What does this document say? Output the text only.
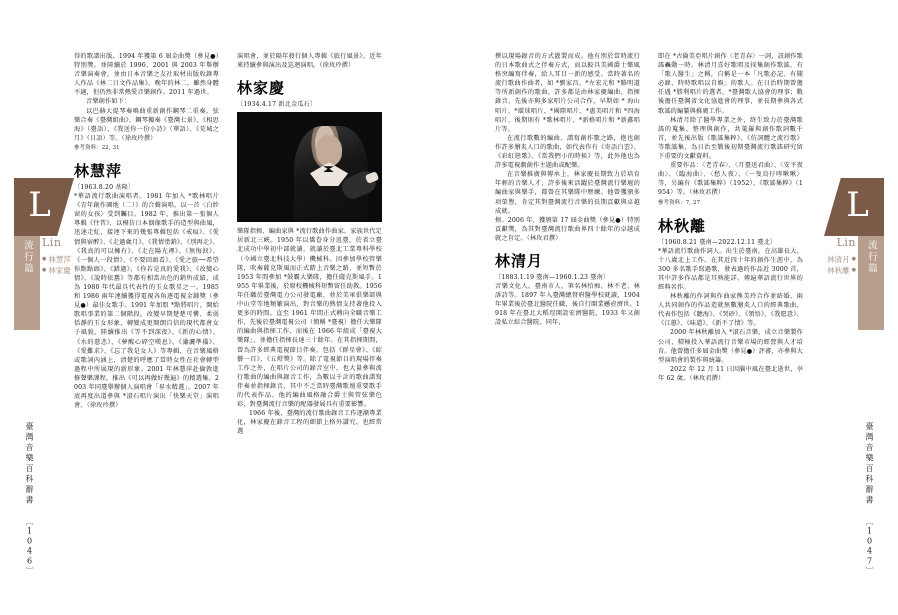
得的歌譜出版。1994 年獲第 6 屆金曲獎（參見●）特別獎。並陸續於 1996、2001 與 2003 年舉辦音樂演奏會，並由日本音樂之友社取材出版收錄專人作品《林二日文作品集》。晚年的林二，雖然身體不適，但仍然非常熱愛音樂創作。2011 年過世。

音樂創作如下：

以巴赫大提琴奏鳴曲重新創作鋼琴二重奏，弦樂合奏《臺灣組曲》、鋼琴獨奏《臺灣七景》、《相思海》（臺語）、《我送你一份小詩》（華語）、《荒城之月》（日語）等。（徐玫玲撰）

參考資料：22, 31

林慧萍

〔1963.8.20 基隆〕

*華語流行歌曲演唱者。1981 年加入 *歌林唱片《青年創作園地（二）》的合輯演唱，以一首〈白紗窗的女孩〉受到矚目。1982 年，推出第一張個人專輯《往昔》，以模仿日本偶像歌手的造型與曲風，迅速走紅，接連下來的幾張專輯包括《戒痕》、《愛情與宿醉》、《走過歲月》、《我情塗銷》、《別再走》、《我真的可以擁有》、《走在陽光裡》、《無悔淚》、《一個人一段情》、《不要回頭看》、《愛之旅──希望你點點頭》、《錯過》、《你若是真的愛我》、《改變心情》、《說時依舊》等都有相當出色的銷售成績，成為 1980 年代最具代表性的玉女歌星之一。1985 和 1986 兩年連續獲得電視各角逐電視金鐘獎（參見●）最佳女歌手。1991 年加盟 *點將唱片，開始歌唱事業的第二個階段，改變早期楚楚可憐、柔弱恬靜的玉女形象，轉變成更開朗自信的現代都會女子風貌，陸續推出《等不到深夜》、《新的心情》、《水的慈悲》、《夢醒心碎空嘆息》、《瀟灑準備》、《愛難求》、《忘了我是女人》等專輯，在音樂風格或歌詞內涵上，清楚的呼應了當時女性在社會轉型過程中所展現的新形象。2001 年林慧萍赴倫敦進修聲樂課程，推出《可以再做好幾遍》的精選集。2003 年同臺舉辦個人演唱會「昇水精選」。2007 年底再度出道參與 *滾石唱片演出「快樂天堂」演唱會。（徐玫玲撰）

演唱會，並於隔年發行個人專輯《旅行風景》。近年來持續參與演出及巡迴演唱。（徐玫玲撰）

林家慶

〔1934.4.17 新北金瓜石〕

樂隊指揮、編曲家與 *流行歌曲作曲家。家族世代定居新北三峽。1950 年以僑眷身分返臺，於省立臺北成功中學初中部就讀，就讀於臺北工業專科學校（今國立臺北科技大學）機械科。因參加學校管樂隊，吹奏薩克斯風而正式踏上音樂之路，並短暫於 1953 年間參加 *鼓霸大樂隊，擔任薩克斯風手。1955 年畢業後，於原校機械科短暫留任助教。1956 年任職於臺灣電力公司發電廠，並於美軍俱樂部與中山堂等地頻繁演出，對音樂的熱情支持著他投入更多的時間。直至 1961 年間正式轉向全職音樂工作，先後於臺灣電視公司（簡稱 *臺視）擔任大樂隊的編曲與指揮工作，而後在 1966 年組成「臺視大樂隊」，並擔任指揮長達三十餘年。在其指揮期間，曾為許多經典電視節目伴奏，包括《群星會》、《綜藝一百》、《五燈獎》等。除了電視節目的現場伴奏工作之外，在唱片公司的錄音室中，也大量參與流行歌曲的編曲與錄音工作，為數以千計的歌曲譜寫伴奏並指揮錄音，其中不乏當時臺灣歌壇重要歌手的代表作品。他的編曲風格融合爵士與管弦樂色彩，對臺灣流行音樂的配器發展具有重要影響。

1966 年後，臺灣的流行歌曲錄音工作逐漸專業化，林家慶在錄音工程的細節上格外講究，也經常選

臺灣音樂百科辭書 〔1046〕
L
流行篇 Lin
● 林慧萍
● 林家慶

擇以現場錄音的方式灌製而成。他有別於當時流行的日本歌曲式之伴奏方式，而以較具美國爵士樂風格突編寫伴奏，給人耳目一新的感受。當時著名的流行歌曲作曲者，如 *劉家昌、*左宏元和 *駱明道等所新創作的歌曲，許多都是由林家慶編曲、指揮錄音。先後亦與多家唱片公司合作，早期如 * 海山唱片、*環球唱片、*國際唱片、*惠美唱片和 *四海唱片，後期則有 *歌林唱片、*新格唱片和 *新鑫唱片等。

在流行歌數的編曲、譜寫創作歌之路，抱也創作許多膾炙人口的歌曲，如代表作有《寄語白雲》、《彩虹戀歌》、《當我們小的時候》等，此外他也為許多電視劇創作主題曲或配樂。

在音樂推廣與傳承上，林家慶長期致力於培育年輕的音樂人才，許多後來活躍於臺灣流行樂壇的編曲家與樂手，都曾在其樂隊中歷練。他曾獲頒多項榮譽，肯定其對臺灣流行音樂的長期貢獻與卓越成就。

揮。2006 年，獲頒第 17 屆金曲獎（參見●）特別貢獻獎，為其對臺灣流行歌曲界四十餘年的卓越成就之肯定。（林玫君撰）

林清月

〔1883.1.19 臺南—1960.1.23 臺南〕

音樂文化人。臺南市人，筆名林怕痴、林不老、林訴詩等。1897 年入臺灣總督府醫學校就讀，1904 年畢業後於臺北醫院任職，後自行開業懸壺濟世。1918 年在臺北大稻埕開設宏濟醫院，1933 年又創設私立綜合醫院。同年，

即在 *古倫美亞唱片創作〈老青春〉一詞，該創作歌謠轟動一時。林清月喜好歌唱及採集創作歌謠，有「歌人醫生」之稱，自稱是一本「凡歌必記、有聞必錄、時時歌唱以自娛」的歌人。在日治時期曾擔任遇 *勝利唱片的選者、*臺灣歌人協會的理事；戰後擔任臺灣省文化協進會的理事，並長期參與各式歌謠的編纂與推廣工作。

林清月除了醫學專業之外，終生致力於臺灣歌謠的蒐集、整理與創作，共蒐羅與創作歌詞數千首，並先後出版《歌謠集粹》、《仿詞體之流行歌》等歌謠集，為日治至戰後初期臺灣流行歌謠研究留下重要的文獻資料。

重要作品：〈老青春〉、〈月臺送君曲〉、〈安平夜曲〉、〈臨海曲〉、〈愁人夜〉、〈一隻鳥仔哮啾啾〉等，另編有《歌謠集粹》（1952）、《歌謠集粹》（1954）等。（林玫君撰）

參考資料：7, 27

林秋離

〔1960.8.21 臺南—2022.12.11 臺北〕

*華語流行歌曲作詞人。出生於臺南，在高雄長大。十八歲北上工作。在其近四十年的創作生涯中，為 300 多名歌手寫過歌，發表過的作品近 3000 首，其中許多作品都是耳熟能詳、傳遍華語流行世界的經典名作。

林秋離的作詞與作曲家熊美玲合作並結婚，兩人共同創作的作品造就無數膾炙人口的經典歌曲，代表作包括《聽海》、《哭砂》、《領悟》、《我愿意》、《江蕙》、《味道》、《新不了情》等。

2000 年林秋離加入 *滾石音樂，成立音樂製作公司，積極投入華語流行音樂市場的經營與人才培育。他曾擔任多屆金曲獎（參見●）評審，亦參與大型演唱會的製作與統籌。

2022 年 12 月 11 日因腦中風在臺北逝世，享年 62 歲。（林玫君撰）

臺灣音樂百科辭書 〔1047〕
L
流行篇
Lin
林清月 ●
林秋離 ●
